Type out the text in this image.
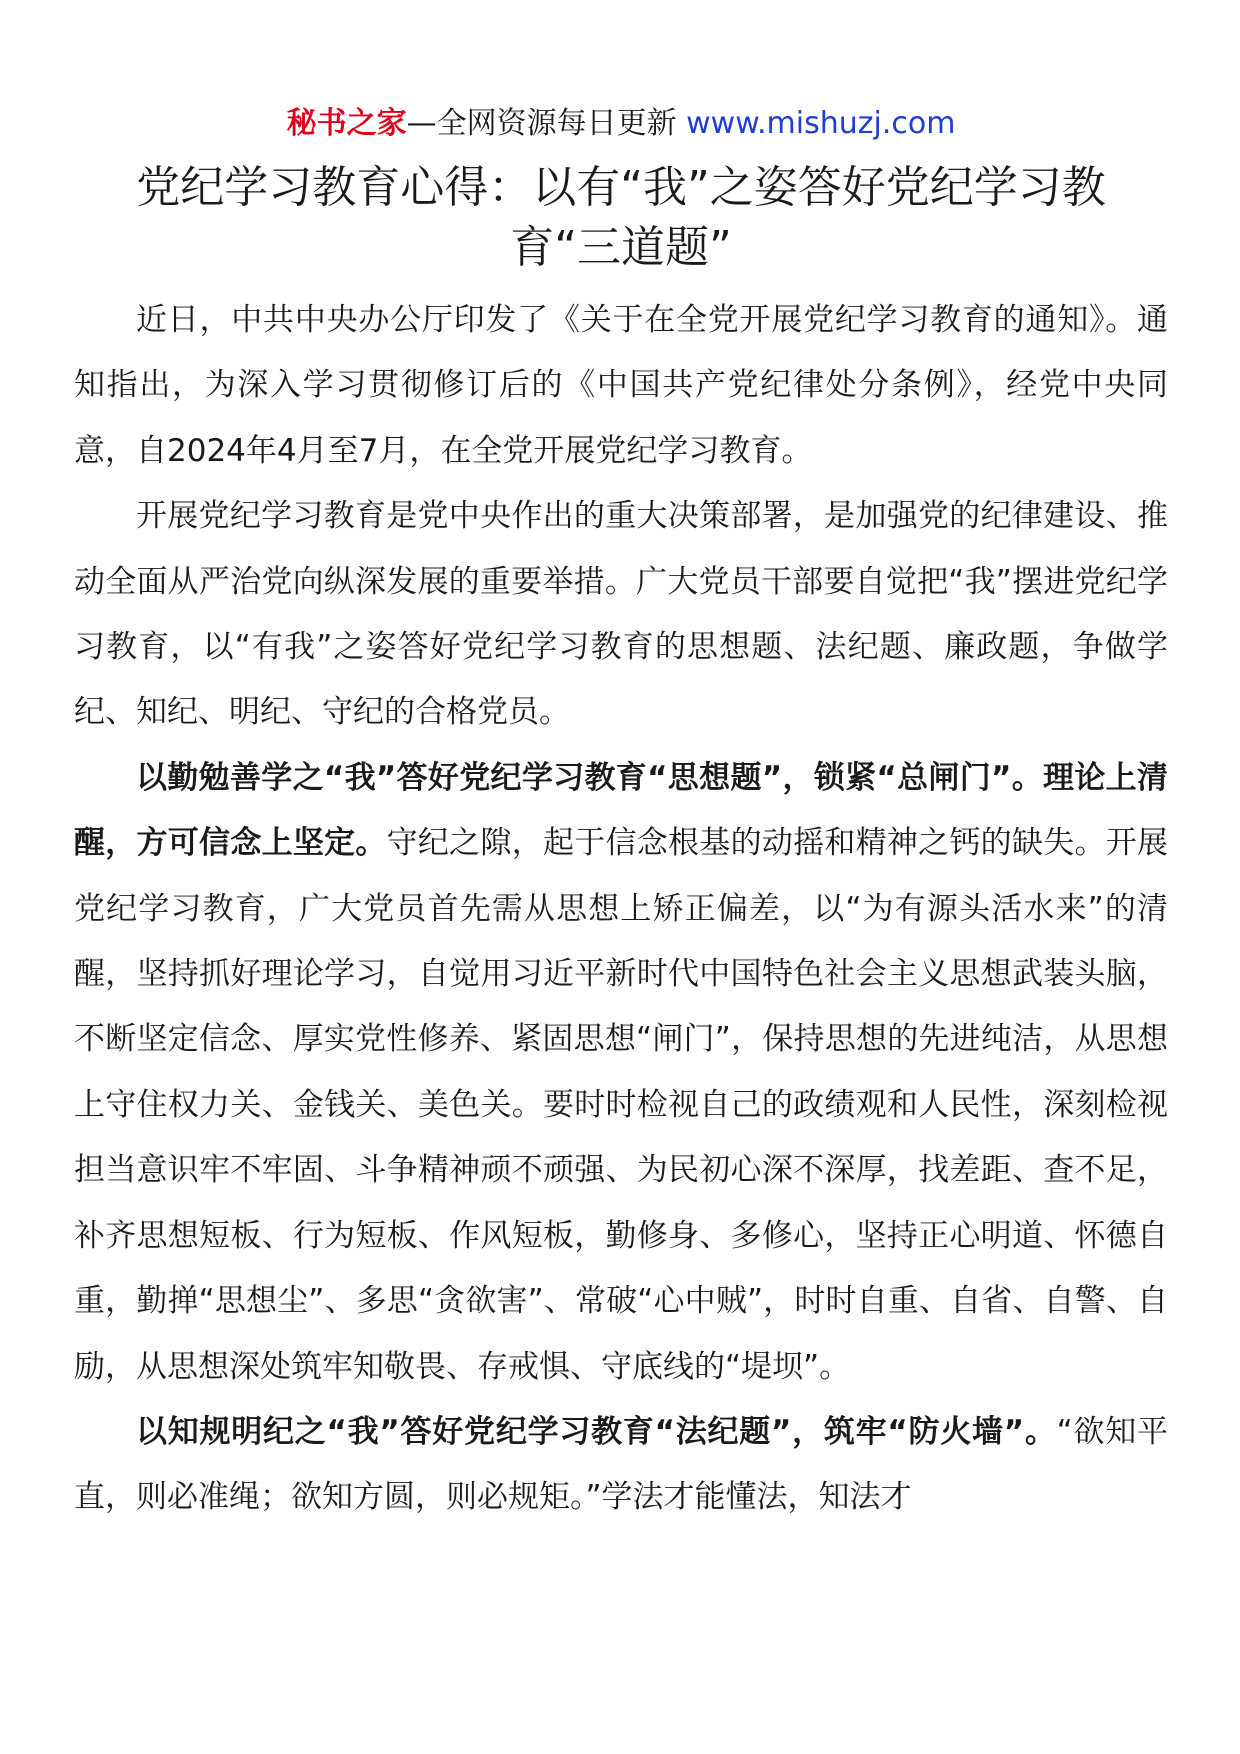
秘书之家—全网资源每日更新 www.mishuzj.com
党纪学习教育心得：以有“我”之姿答好党纪学习教
育“三道题”

近日，中共中央办公厅印发了《关于在全党开展党纪学习教育的通知》。通知指出，为深入学习贯彻修订后的《中国共产党纪律处分条例》，经党中央同意，自2024年4月至7月，在全党开展党纪学习教育。

开展党纪学习教育是党中央作出的重大决策部署，是加强党的纪律建设、推动全面从严治党向纵深发展的重要举措。广大党员干部要自觉把“我”摆进党纪学习教育，以“有我”之姿答好党纪学习教育的思想题、法纪题、廉政题，争做学纪、知纪、明纪、守纪的合格党员。

以勤勉善学之“我”答好党纪学习教育“思想题”，锁紧“总闸门”。理论上清醒，方可信念上坚定。守纪之隙，起于信念根基的动摇和精神之钙的缺失。开展党纪学习教育，广大党员首先需从思想上矫正偏差，以“为有源头活水来”的清醒，坚持抓好理论学习，自觉用习近平新时代中国特色社会主义思想武装头脑，不断坚定信念、厚实党性修养、紧固思想“闸门”，保持思想的先进纯洁，从思想上守住权力关、金钱关、美色关。要时时检视自己的政绩观和人民性，深刻检视担当意识牢不牢固、斗争精神顽不顽强、为民初心深不深厚，找差距、查不足，补齐思想短板、行为短板、作风短板，勤修身、多修心，坚持正心明道、怀德自重，勤掸“思想尘”、多思“贪欲害”、常破“心中贼”，时时自重、自省、自警、自励，从思想深处筑牢知敬畏、存戒惧、守底线的“堤坝”。

以知规明纪之“我”答好党纪学习教育“法纪题”，筑牢“防火墙”。“欲知平直，则必准绳；欲知方圆，则必规矩。”学法才能懂法，知法才
